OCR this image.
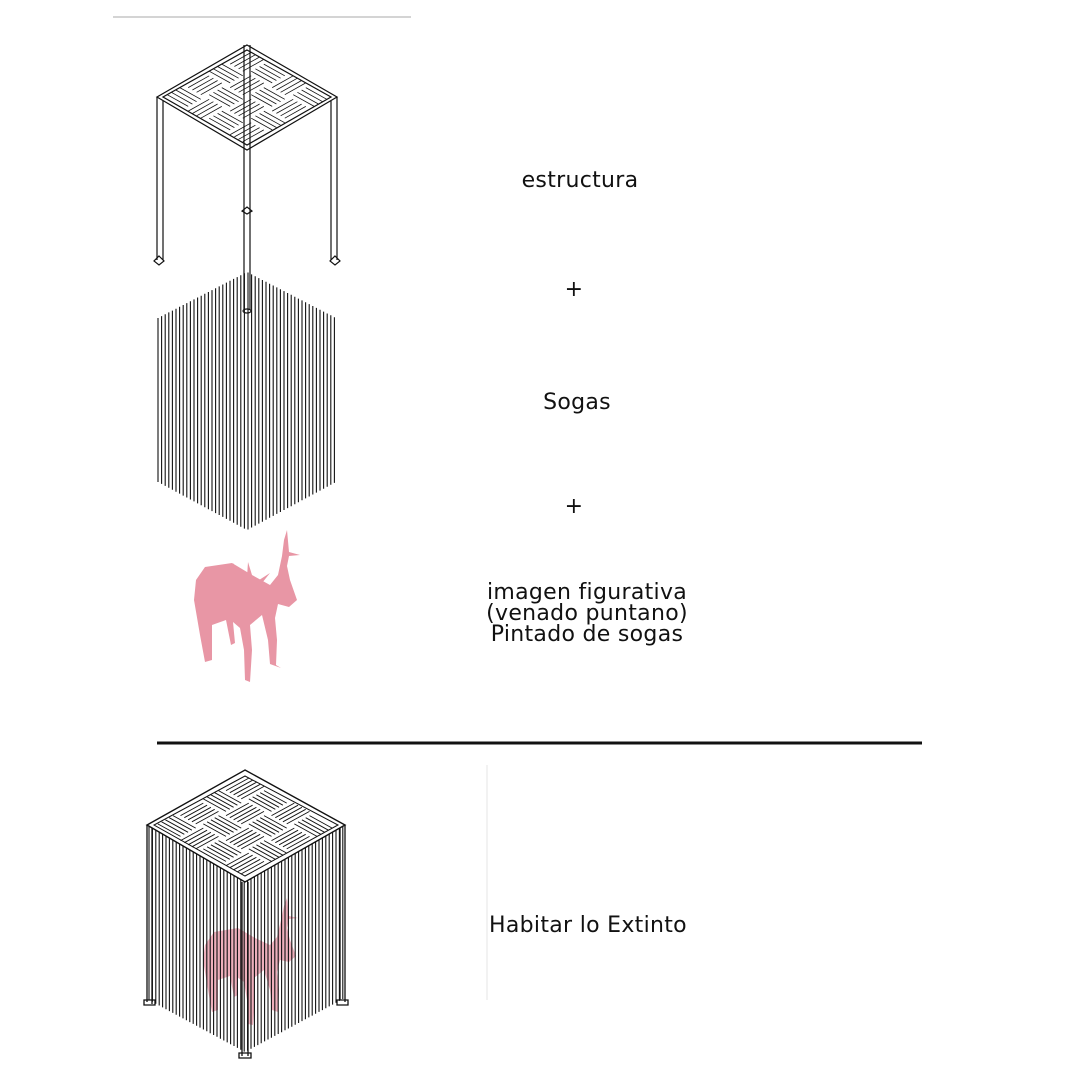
estructura
+
Sogas
+
imagen figurativa
(venado puntano)
Pintado de sogas
Habitar lo Extinto
